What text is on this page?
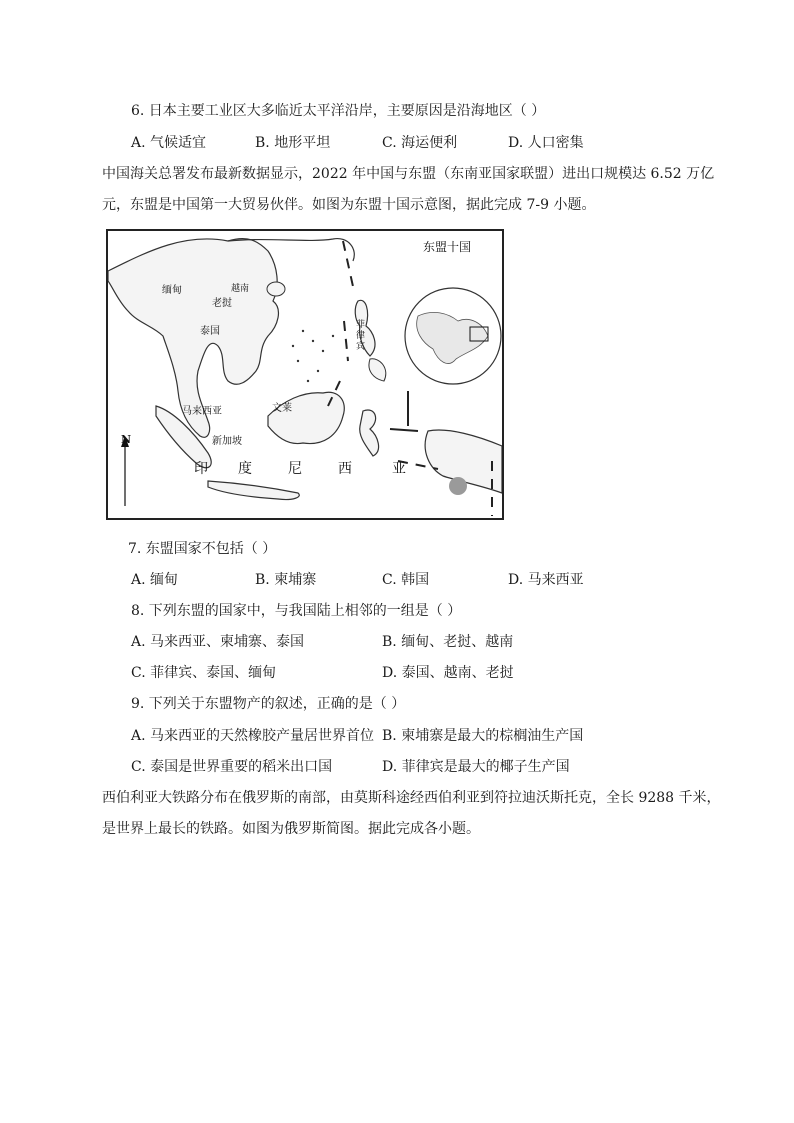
6. 日本主要工业区大多临近太平洋沿岸，主要原因是沿海地区（ ）
A. 气候适宜	B. 地形平坦	C. 海运便利	D. 人口密集
中国海关总署发布最新数据显示，2022 年中国与东盟（东南亚国家联盟）进出口规模达 6.52 万亿
元，东盟是中国第一大贸易伙伴。如图为东盟十国示意图，据此完成 7-9 小题。
东盟十国
N
缅甸	越南
老挝
泰国
菲
律
宾
马来西亚	文莱
新加坡
印 度	尼	西	亚
7. 东盟国家不包括（ ）
A. 缅甸	B. 柬埔寨	C. 韩国	D. 马来西亚
8. 下列东盟的国家中，与我国陆上相邻的一组是（ ）
A. 马来西亚、柬埔寨、泰国	B. 缅甸、老挝、越南
C. 菲律宾、泰国、缅甸	D. 泰国、越南、老挝
9. 下列关于东盟物产的叙述，正确的是（ ）
A. 马来西亚的天然橡胶产量居世界首位 B. 柬埔寨是最大的棕榈油生产国
C. 泰国是世界重要的稻米出口国	D. 菲律宾是最大的椰子生产国
西伯利亚大铁路分布在俄罗斯的南部，由莫斯科途经西伯利亚到符拉迪沃斯托克，全长 9288 千米，
是世界上最长的铁路。如图为俄罗斯简图。据此完成各小题。
